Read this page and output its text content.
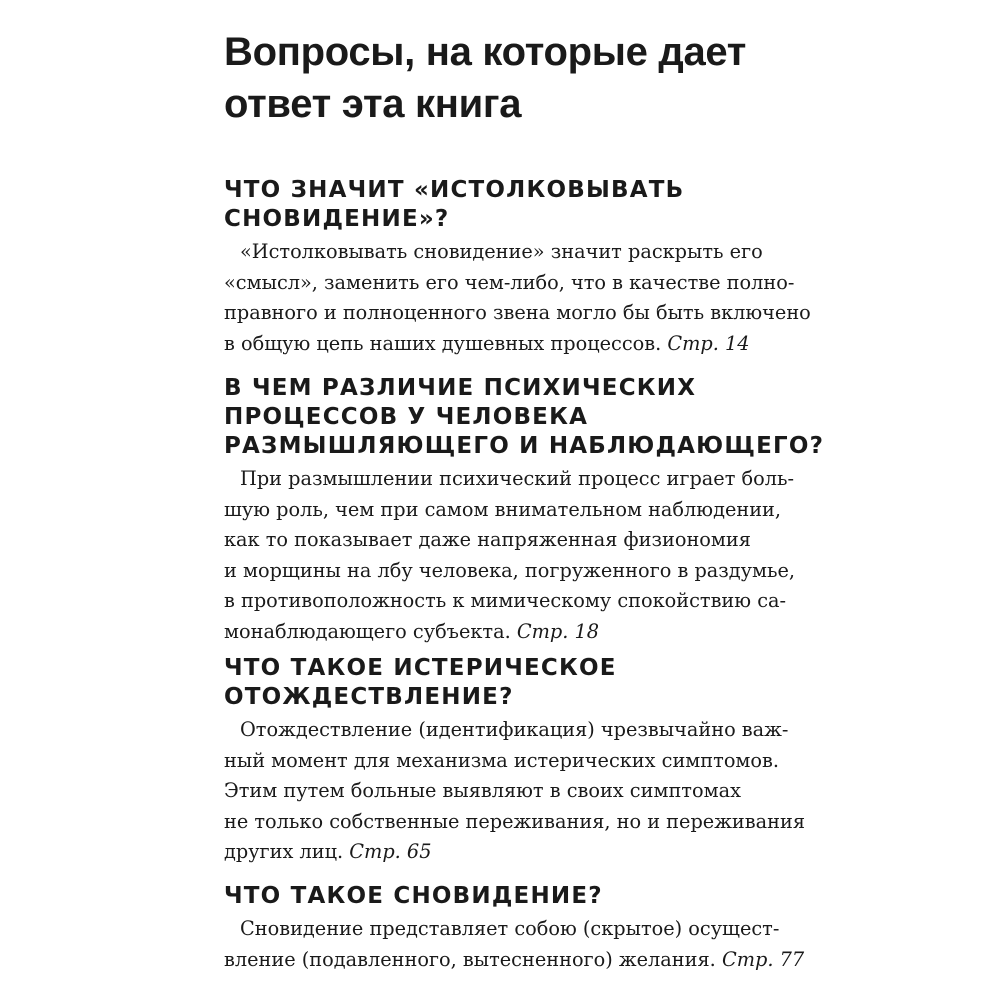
Вопросы, на которые дает
ответ эта книга
ЧТО ЗНАЧИТ «ИСТОЛКОВЫВАТЬ
СНОВИДЕНИЕ»?

«Истолковывать сновидение» значит раскрыть его
«смысл», заменить его чем-либо, что в качестве полно-
правного и полноценного звена могло бы быть включено
в общую цепь наших душевных процессов. Стр. 14

В ЧЕМ РАЗЛИЧИЕ ПСИХИЧЕСКИХ
ПРОЦЕССОВ У ЧЕЛОВЕКА
РАЗМЫШЛЯЮЩЕГО И НАБЛЮДАЮЩЕГО?

При размышлении психический процесс играет боль-
шую роль, чем при самом внимательном наблюдении,
как то показывает даже напряженная физиономия
и морщины на лбу человека, погруженного в раздумье,
в противоположность к мимическому спокойствию са-
монаблюдающего субъекта. Стр. 18

ЧТО ТАКОЕ ИСТЕРИЧЕСКОЕ
ОТОЖДЕСТВЛЕНИЕ?

Отождествление (идентификация) чрезвычайно важ-
ный момент для механизма истерических симптомов.
Этим путем больные выявляют в своих симптомах
не только собственные переживания, но и переживания
других лиц. Стр. 65

ЧТО ТАКОЕ СНОВИДЕНИЕ?

Сновидение представляет собою (скрытое) осущест-
вление (подавленного, вытесненного) желания. Стр. 77
